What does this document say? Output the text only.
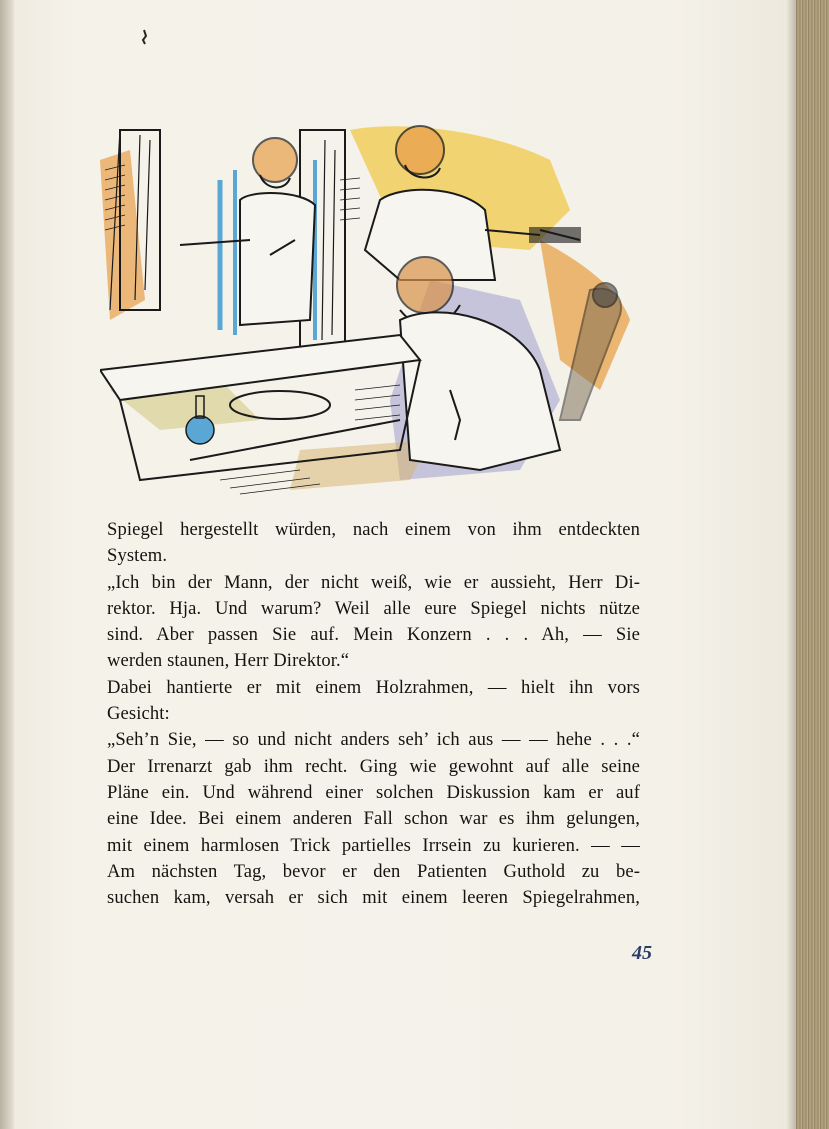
Spiegel hergestellt würden, nach einem von ihm entdeckten
System.
„Ich bin der Mann, der nicht weiß, wie er aussieht, Herr Di-
rektor. Hja. Und warum? Weil alle eure Spiegel nichts nütze
sind. Aber passen Sie auf. Mein Konzern . . . Ah, — Sie
werden staunen, Herr Direktor.“
Dabei hantierte er mit einem Holzrahmen, — hielt ihn vors
Gesicht:
„Seh’n Sie, — so und nicht anders seh’ ich aus — — hehe . . .“
Der Irrenarzt gab ihm recht. Ging wie gewohnt auf alle seine
Pläne ein. Und während einer solchen Diskussion kam er auf
eine Idee. Bei einem anderen Fall schon war es ihm gelungen,
mit einem harmlosen Trick partielles Irrsein zu kurieren. — —
Am nächsten Tag, bevor er den Patienten Guthold zu be-
suchen kam, versah er sich mit einem leeren Spiegelrahmen,
45
